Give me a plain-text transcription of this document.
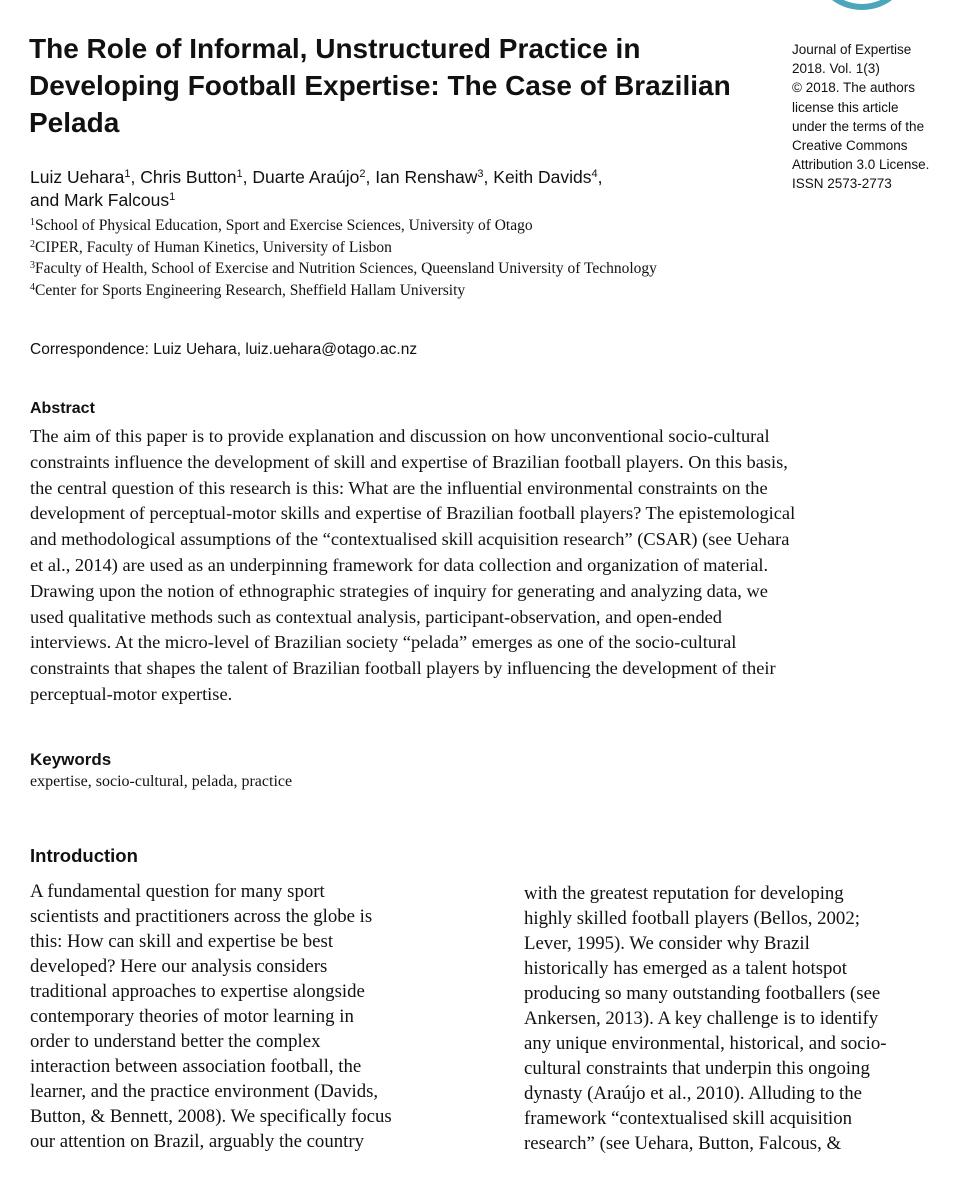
The Role of Informal, Unstructured Practice in Developing Football Expertise: The Case of Brazilian Pelada
Journal of Expertise
2018. Vol. 1(3)
© 2018. The authors
license this article
under the terms of the
Creative Commons
Attribution 3.0 License.
ISSN 2573-2773
Luiz Uehara$^1$, Chris Button$^1$, Duarte Araújo$^2$, Ian Renshaw$^3$, Keith Davids$^4$,
and Mark Falcous$^1$
$^1$School of Physical Education, Sport and Exercise Sciences, University of Otago
$^2$CIPER, Faculty of Human Kinetics, University of Lisbon
$^3$Faculty of Health, School of Exercise and Nutrition Sciences, Queensland University of Technology
$^4$Center for Sports Engineering Research, Sheffield Hallam University
Correspondence: Luiz Uehara, luiz.uehara@otago.ac.nz
Abstract
The aim of this paper is to provide explanation and discussion on how unconventional socio-cultural
constraints influence the development of skill and expertise of Brazilian football players. On this basis,
the central question of this research is this: What are the influential environmental constraints on the
development of perceptual-motor skills and expertise of Brazilian football players? The epistemological
and methodological assumptions of the “contextualised skill acquisition research” (CSAR) (see Uehara
et al., 2014) are used as an underpinning framework for data collection and organization of material.
Drawing upon the notion of ethnographic strategies of inquiry for generating and analyzing data, we
used qualitative methods such as contextual analysis, participant-observation, and open-ended
interviews. At the micro-level of Brazilian society “pelada” emerges as one of the socio-cultural
constraints that shapes the talent of Brazilian football players by influencing the development of their
perceptual-motor expertise.
Keywords
expertise, socio-cultural, pelada, practice
Introduction
A fundamental question for many sport
scientists and practitioners across the globe is
this: How can skill and expertise be best
developed? Here our analysis considers
traditional approaches to expertise alongside
contemporary theories of motor learning in
order to understand better the complex
interaction between association football, the
learner, and the practice environment (Davids,
Button, & Bennett, 2008). We specifically focus
our attention on Brazil, arguably the country
with the greatest reputation for developing
highly skilled football players (Bellos, 2002;
Lever, 1995). We consider why Brazil
historically has emerged as a talent hotspot
producing so many outstanding footballers (see
Ankersen, 2013). A key challenge is to identify
any unique environmental, historical, and socio-
cultural constraints that underpin this ongoing
dynasty (Araújo et al., 2010). Alluding to the
framework “contextualised skill acquisition
research” (see Uehara, Button, Falcous, &
